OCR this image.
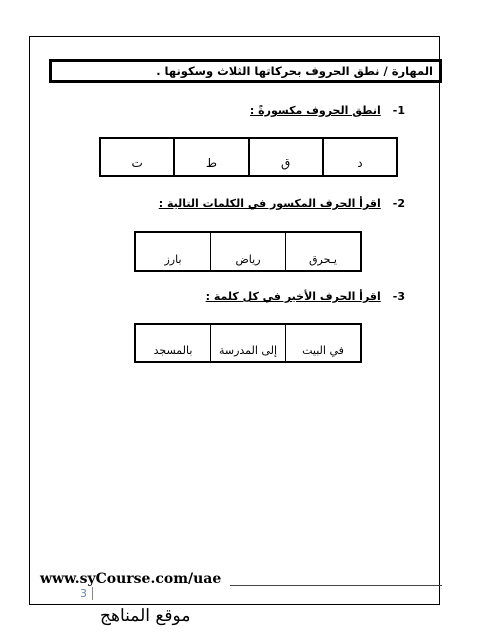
المهارة / نطق الحروف بحركاتها الثلاث وسكونها .
1-انطق الحروف مكسورةً :
د
ق
ط
ت
2-اقرأ الحرف المكسور في الكلمات التالية :
يـحرق
رياض
بارز
3-اقرأ الحرف الأخير في كل كلمة :
في البيت
إلى المدرسة
بالمسجد
www.syCourse.com/uae
3
موقع المناهج
